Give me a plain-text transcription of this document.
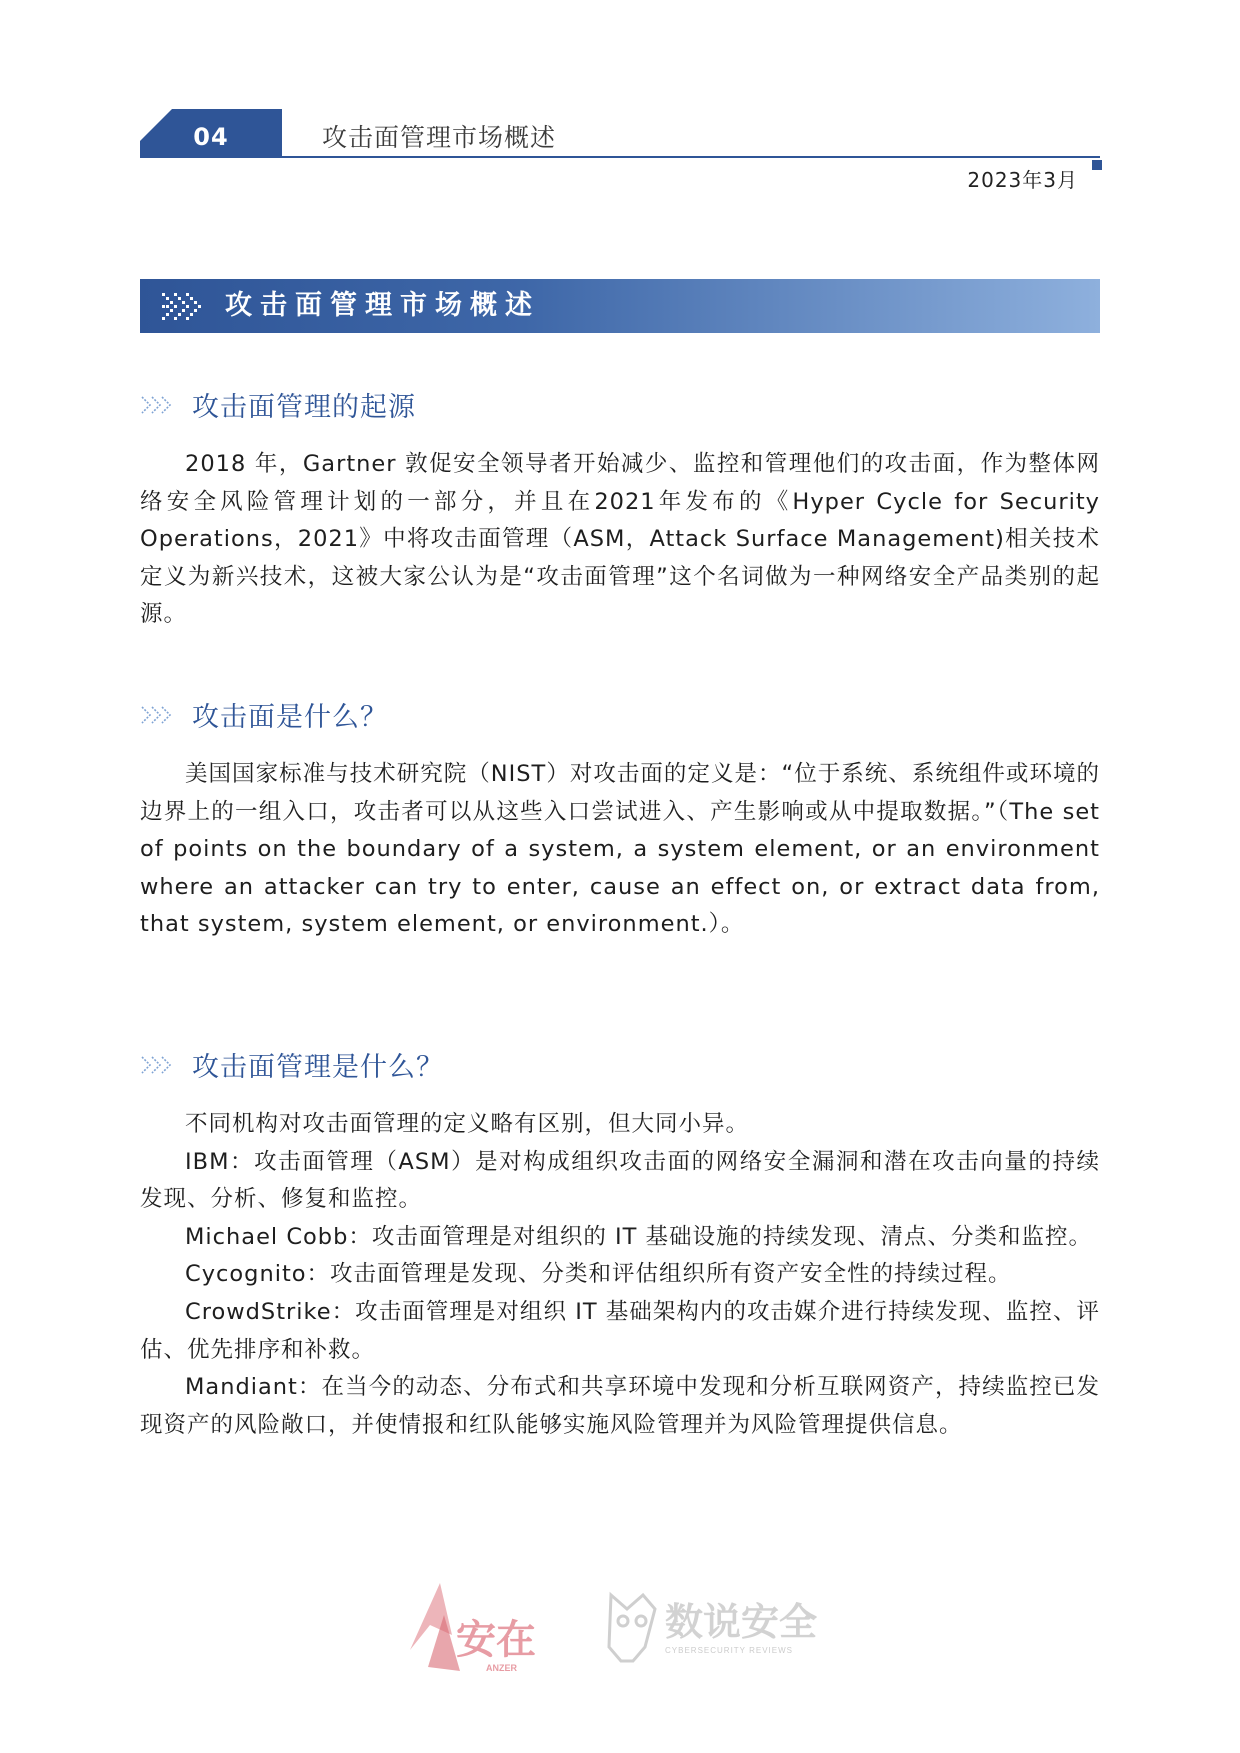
04	攻击面管理市场概述
2023年3月
攻击面管理市场概述
攻击面管理的起源

2018 年，Gartner 敦促安全领导者开始减少、监控和管理他们的攻击面，作为整体网络安全风险管理计划的一部分，并且在2021年发布的《Hyper Cycle for Security Operations，2021》中将攻击面管理（ASM，Attack Surface Management)相关技术定义为新兴技术，这被大家公认为是“攻击面管理”这个名词做为一种网络安全产品类别的起源。

攻击面是什么？

美国国家标准与技术研究院（NIST）对攻击面的定义是：“位于系统、系统组件或环境的边界上的一组入口，攻击者可以从这些入口尝试进入、产生影响或从中提取数据。”（The set of points on the boundary of a system, a system element, or an environment where an attacker can try to enter, cause an effect on, or extract data from, that system, system element, or environment.）。

攻击面管理是什么？

不同机构对攻击面管理的定义略有区别，但大同小异。

IBM：攻击面管理（ASM）是对构成组织攻击面的网络安全漏洞和潜在攻击向量的持续发现、分析、修复和监控。

Michael Cobb：攻击面管理是对组织的 IT 基础设施的持续发现、清点、分类和监控。

Cycognito：攻击面管理是发现、分类和评估组织所有资产安全性的持续过程。

CrowdStrike：攻击面管理是对组织 IT 基础架构内的攻击媒介进行持续发现、监控、评估、优先排序和补救。

Mandiant：在当今的动态、分布式和共享环境中发现和分析互联网资产，持续监控已发现资产的风险敞口，并使情报和红队能够实施风险管理并为风险管理提供信息。

安在
ANZER
数说安全
CYBERSECURITY REVIEWS
